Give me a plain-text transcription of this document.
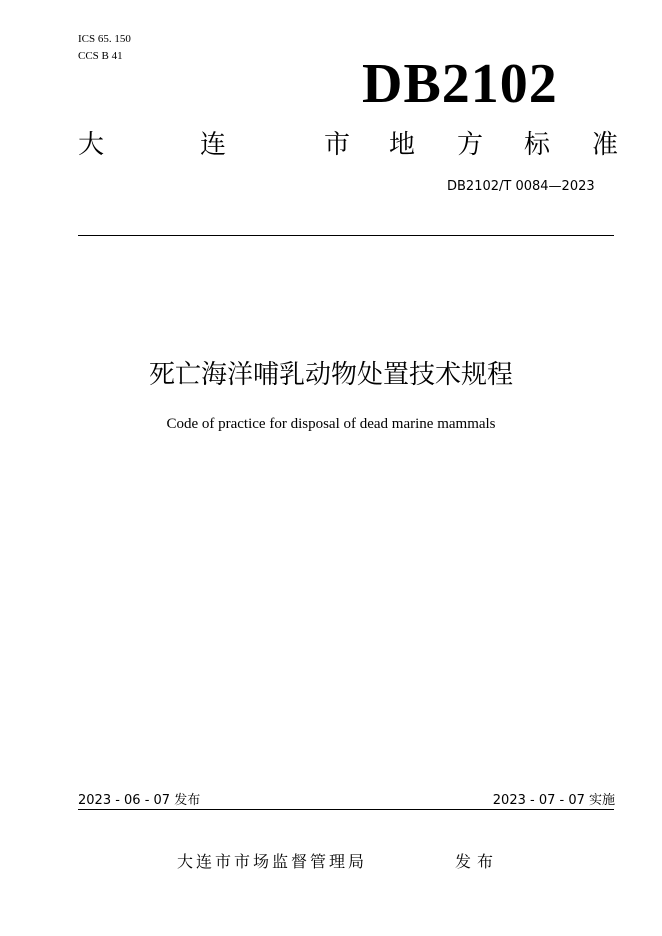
ICS 65. 150
CCS B 41	DB2102
大	连	市 地 方 标 准
DB2102/T 0084—2023
死亡海洋哺乳动物处置技术规程
Code of practice for disposal of dead marine mammals
2023 - 06 - 07 发布	2023 - 07 - 07 实施
大连市市场监督管理局	发布
